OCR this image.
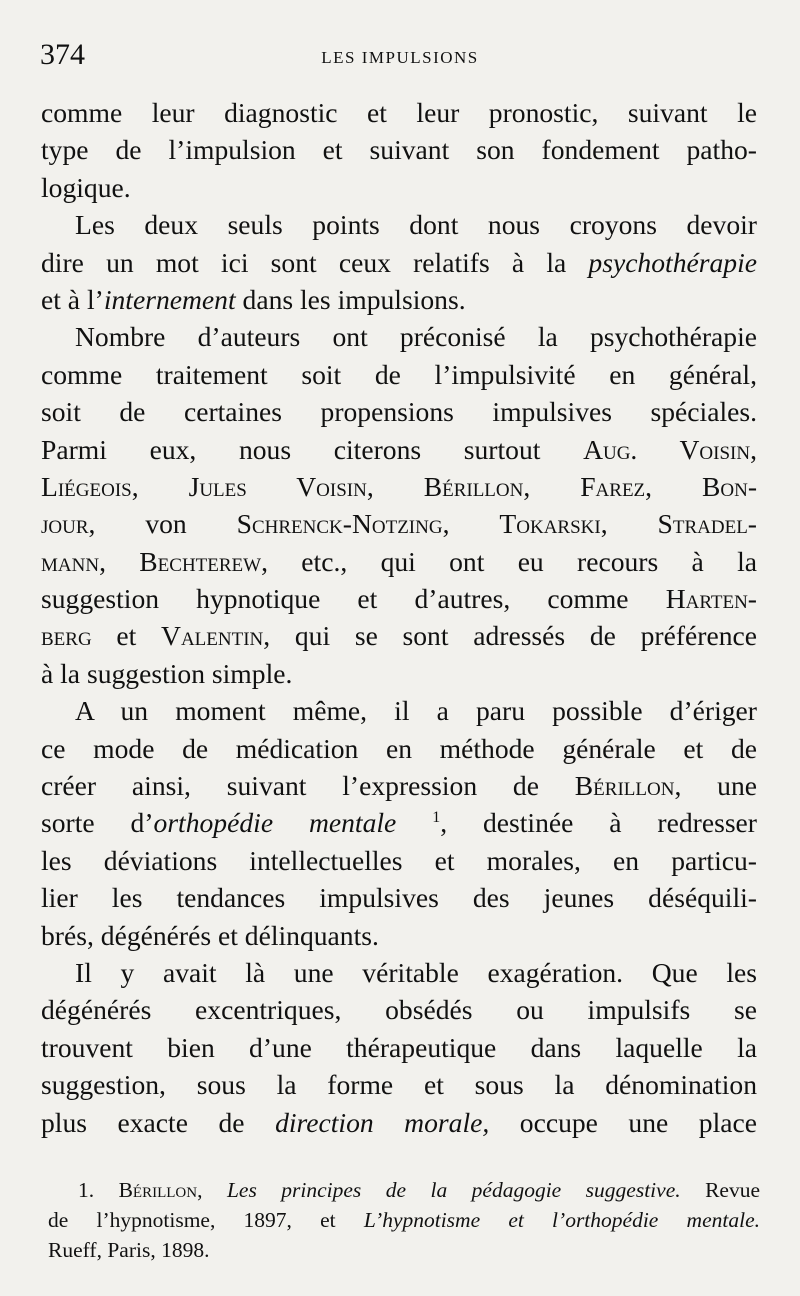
374	LES IMPULSIONS
comme leur diagnostic et leur pronostic, suivant le
type de l’impulsion et suivant son fondement patho-
logique.
Les deux seuls points dont nous croyons devoir
dire un mot ici sont ceux relatifs à la psychothérapie
et à l’internement dans les impulsions.
Nombre d’auteurs ont préconisé la psychothérapie
comme traitement soit de l’impulsivité en général,
soit de certaines propensions impulsives spéciales.
Parmi eux, nous citerons surtout Aug. Voisin,
Liégeois, Jules Voisin, Bérillon, Farez, Bon-
jour, von Schrenck-Notzing, Tokarski, Stradel-
mann, Bechterew, etc., qui ont eu recours à la
suggestion hypnotique et d’autres, comme Harten-
berg et Valentin, qui se sont adressés de préférence
à la suggestion simple.
A un moment même, il a paru possible d’ériger
ce mode de médication en méthode générale et de
créer ainsi, suivant l’expression de Bérillon, une
sorte d’orthopédie mentale $^1$, destinée à redresser
les déviations intellectuelles et morales, en particu-
lier les tendances impulsives des jeunes déséquili-
brés, dégénérés et délinquants.
Il y avait là une véritable exagération. Que les
dégénérés excentriques, obsédés ou impulsifs se
trouvent bien d’une thérapeutique dans laquelle la
suggestion, sous la forme et sous la dénomination
plus exacte de direction morale, occupe une place
1. Bérillon, Les principes de la pédagogie suggestive. Revue
de l’hypnotisme, 1897, et L’hypnotisme et l’orthopédie mentale.
Rueff, Paris, 1898.
